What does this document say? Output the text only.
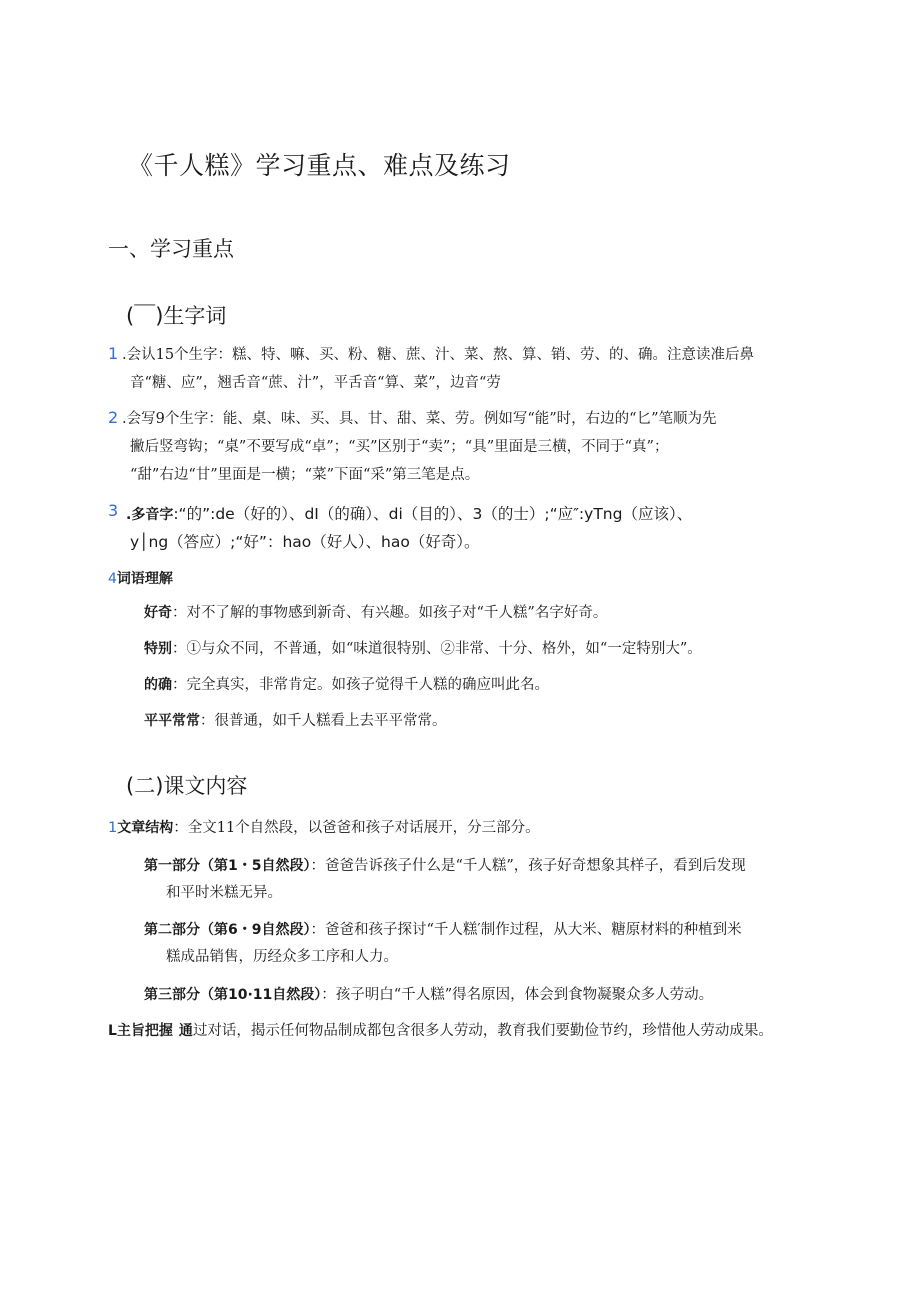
《千人糕》学习重点、难点及练习
一、学习重点
(￣)生字词
1 .会认15个生字：糕、特、嘛、买、粉、糖、蔗、汁、菜、熬、算、销、劳、的、确。注意读准后鼻
音“糖、应”，翘舌音“蔗、汁”，平舌音“算、菜”，边音“劳
2 .会写9个生字：能、桌、味、买、具、甘、甜、菜、劳。例如写“能”时，右边的“匕”笔顺为先
撇后竖弯钩；“桌”不要写成“卓”；“买”区别于“卖”；“具”里面是三横，不同于“真”；
“甜”右边“甘”里面是一横；“菜”下面“采”第三笔是点。
3 .多音字:“的”:de（好的）、dI（的确）、di（目的）、3（的士）;“应″:yTng（应该）、
y│ng（答应）;“好”：hao（好人）、hao（好奇）。
4词语理解
好奇：对不了解的事物感到新奇、有兴趣。如孩子对“千人糕”名字好奇。
特别：①与众不同，不普通，如“味道很特别、②非常、十分、格外，如“一定特别大”。
的确：完全真实，非常肯定。如孩子觉得千人糕的确应叫此名。
平平常常：很普通，如千人糕看上去平平常常。
(二)课文内容
1文章结构：全文11个自然段，以爸爸和孩子对话展开，分三部分。
第一部分（第1・5自然段）：爸爸告诉孩子什么是“千人糕”，孩子好奇想象其样子，看到后发现
和平时米糕无异。
第二部分（第6・9自然段）：爸爸和孩子探讨“千人糕′制作过程，从大米、糖原材料的种植到米
糕成品销售，历经众多工序和人力。
第三部分（第10∙11自然段）：孩子明白“千人糕”得名原因，体会到食物凝聚众多人劳动。
L主旨把握 通过对话，揭示任何物品制成都包含很多人劳动，教育我们要勤俭节约，珍惜他人劳动成果。
